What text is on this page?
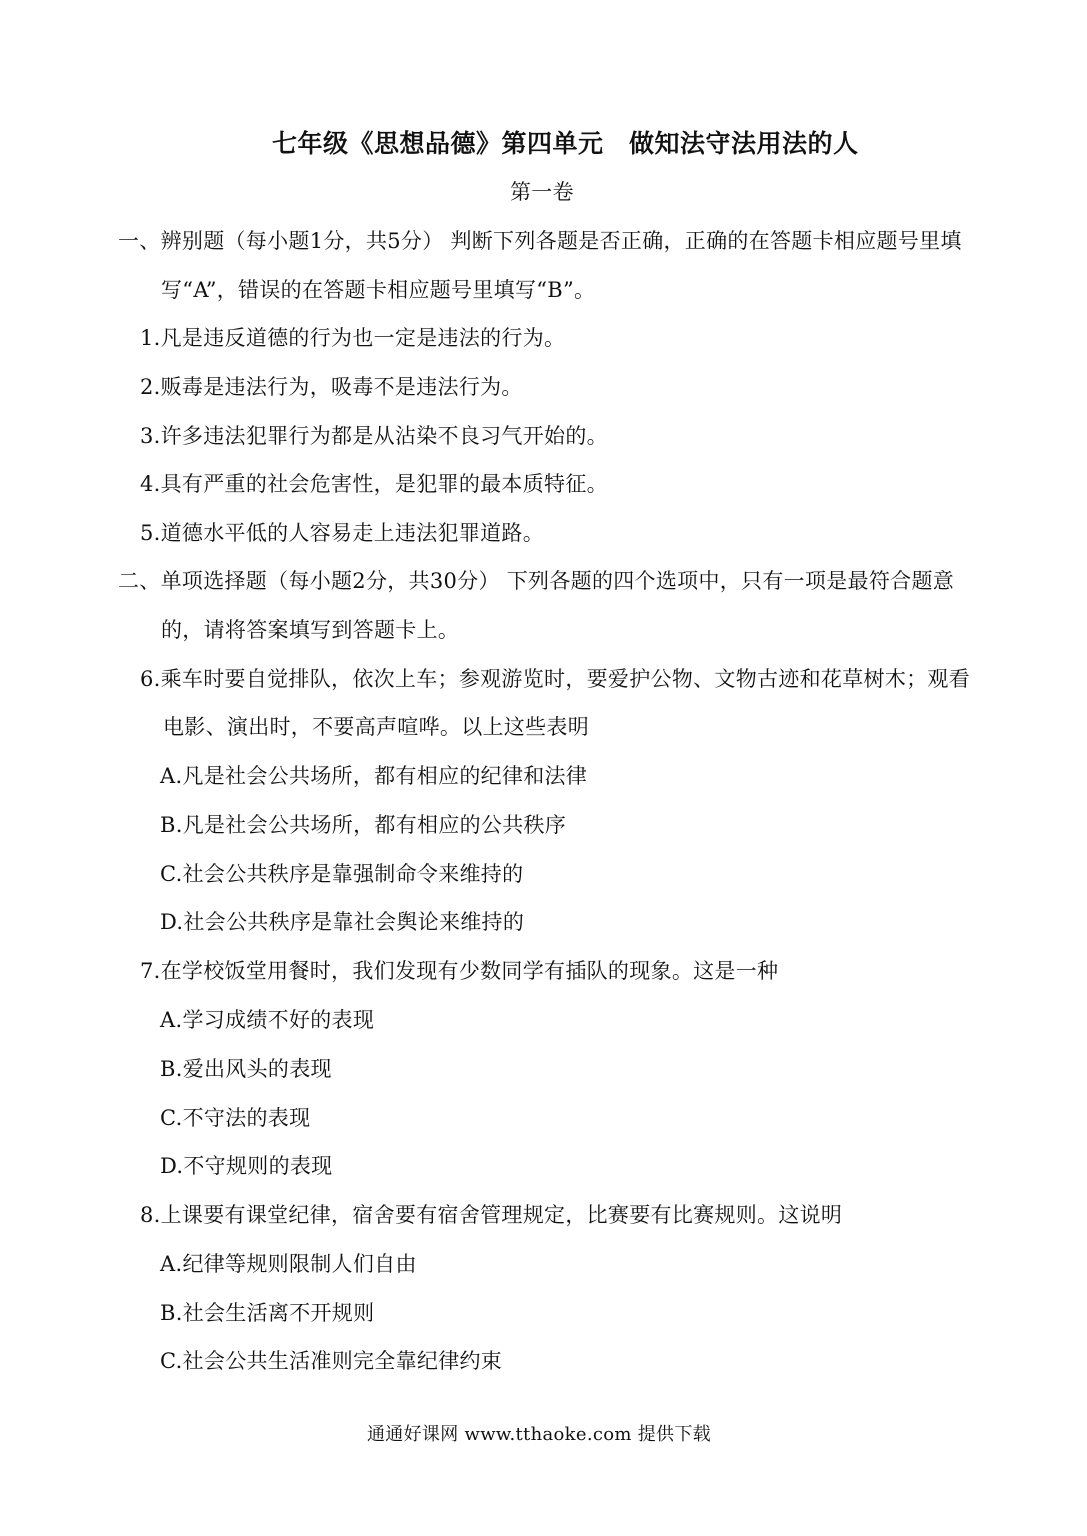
七年级《思想品德》第四单元　做知法守法用法的人
第一卷
一、辨别题（每小题1分，共5分） 判断下列各题是否正确，正确的在答题卡相应题号里填
写“A”，错误的在答题卡相应题号里填写“B”。
1.凡是违反道德的行为也一定是违法的行为。
2.贩毒是违法行为，吸毒不是违法行为。
3.许多违法犯罪行为都是从沾染不良习气开始的。
4.具有严重的社会危害性，是犯罪的最本质特征。
5.道德水平低的人容易走上违法犯罪道路。
二、单项选择题（每小题2分，共30分） 下列各题的四个选项中，只有一项是最符合题意
的，请将答案填写到答题卡上。
6.乘车时要自觉排队，依次上车；参观游览时，要爱护公物、文物古迹和花草树木；观看
电影、演出时，不要高声喧哗。以上这些表明
A.凡是社会公共场所，都有相应的纪律和法律
B.凡是社会公共场所，都有相应的公共秩序
C.社会公共秩序是靠强制命令来维持的
D.社会公共秩序是靠社会舆论来维持的
7.在学校饭堂用餐时，我们发现有少数同学有插队的现象。这是一种
A.学习成绩不好的表现
B.爱出风头的表现
C.不守法的表现
D.不守规则的表现
8.上课要有课堂纪律，宿舍要有宿舍管理规定，比赛要有比赛规则。这说明
A.纪律等规则限制人们自由
B.社会生活离不开规则
C.社会公共生活准则完全靠纪律约束
通通好课网 www.tthaoke.com 提供下载
